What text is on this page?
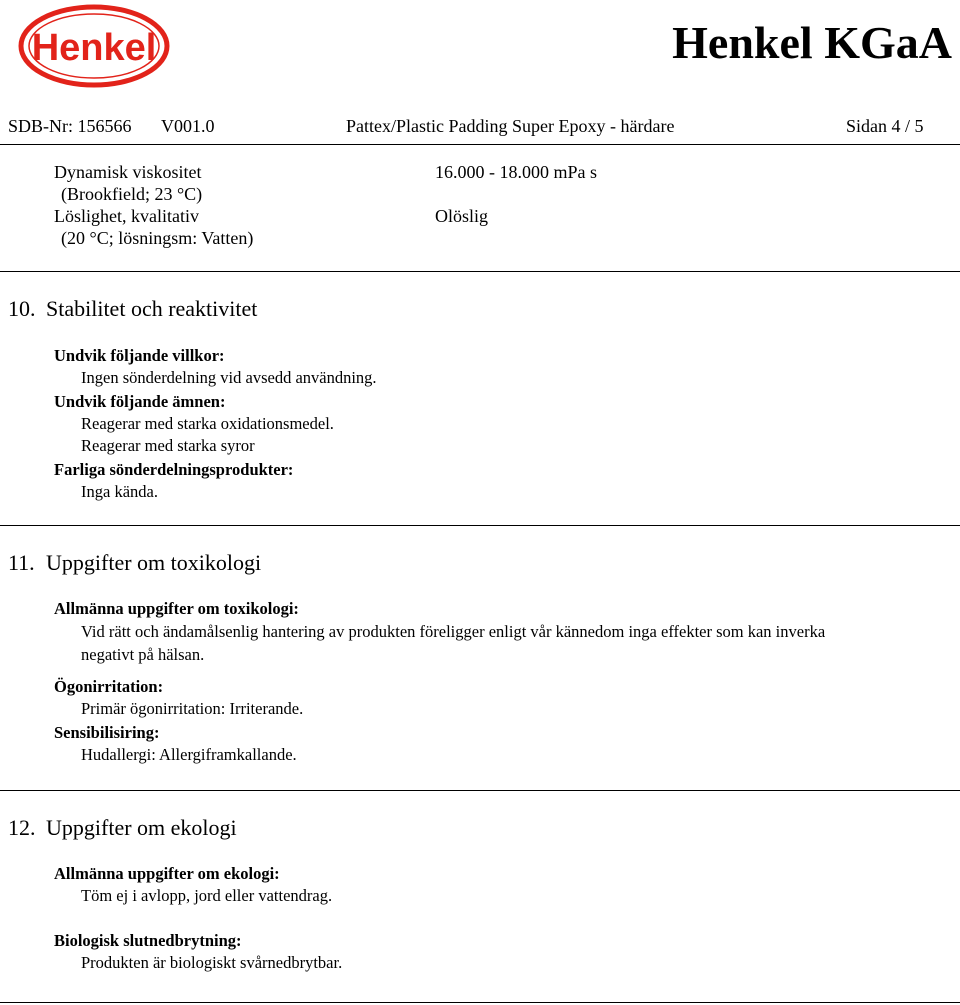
Henkel	Henkel KGaA
SDB-Nr: 156566 V001.0	Pattex/Plastic Padding Super Epoxy - härdare	Sidan 4 / 5
Dynamisk viskositet	16.000 - 18.000 mPa s
(Brookfield; 23 °C)
Löslighet, kvalitativ	Olöslig
(20 °C; lösningsm: Vatten)
10. Stabilitet och reaktivitet
Undvik följande villkor:
Ingen sönderdelning vid avsedd användning.
Undvik följande ämnen:
Reagerar med starka oxidationsmedel.
Reagerar med starka syror
Farliga sönderdelningsprodukter:
Inga kända.
11. Uppgifter om toxikologi
Allmänna uppgifter om toxikologi:
Vid rätt och ändamålsenlig hantering av produkten föreligger enligt vår kännedom inga effekter som kan inverka
negativt på hälsan.
Ögonirritation:
Primär ögonirritation: Irriterande.
Sensibilisiring:
Hudallergi: Allergiframkallande.
12. Uppgifter om ekologi
Allmänna uppgifter om ekologi:
Töm ej i avlopp, jord eller vattendrag.
Biologisk slutnedbrytning:
Produkten är biologiskt svårnedbrytbar.
